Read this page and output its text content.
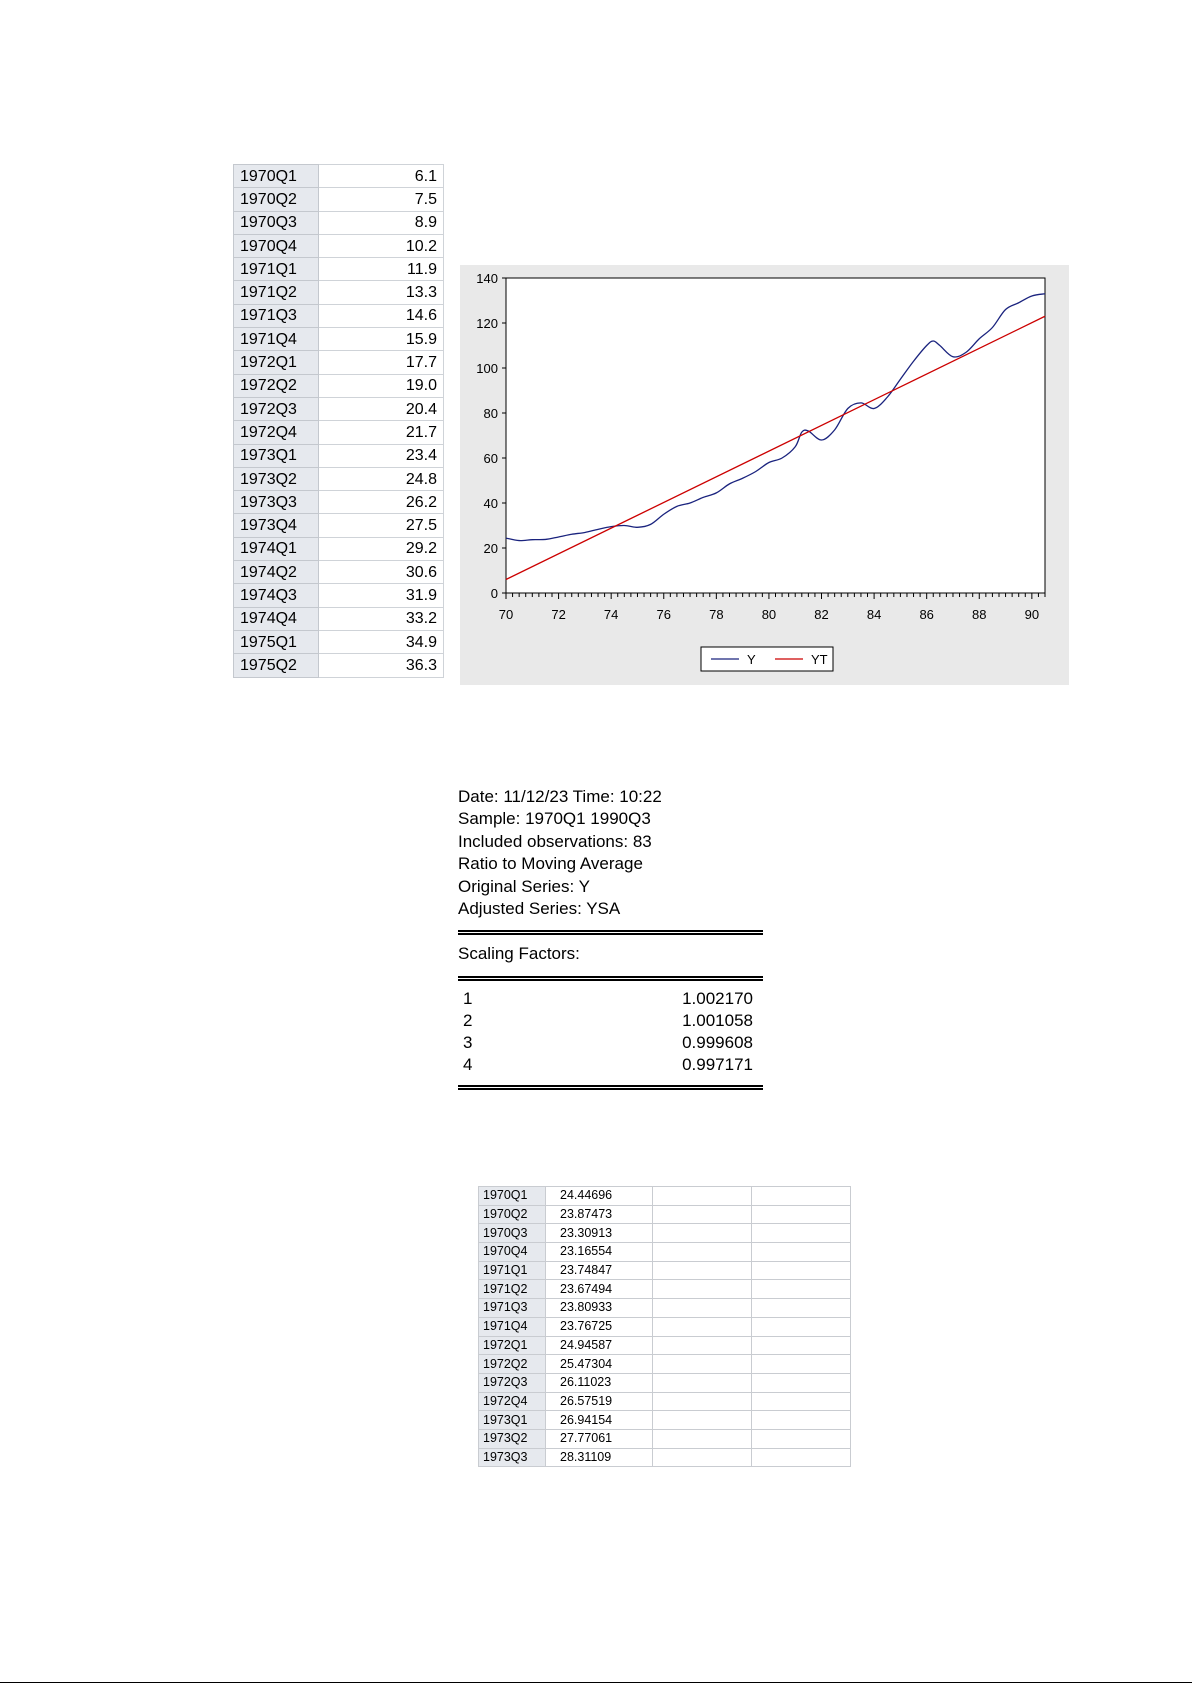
1970Q1	6.1
1970Q2	7.5
1970Q3	8.9
1970Q4	10.2
1971Q1	11.9
1971Q2	13.3
1971Q3	14.6
1971Q4	15.9
1972Q1	17.7
1972Q2	19.0
1972Q3	20.4
1972Q4	21.7
1973Q1	23.4
1973Q2	24.8
1973Q3	26.2
1973Q4	27.5
1974Q1	29.2
1974Q2	30.6
1974Q3	31.9
1974Q4	33.2
1975Q1	34.9
1975Q2	36.3
0
20
40
60
80
100
120
140
70	72	74	76	78	80	82	84	86	88	90
Y	YT
Date: 11/12/23 Time: 10:22
Sample: 1970Q1 1990Q3
Included observations: 83
Ratio to Moving Average
Original Series: Y
Adjusted Series: YSA
Scaling Factors:
1	1.002170
2	1.001058
3	0.999608
4	0.997171
1970Q1	24.44696		
1970Q2	23.87473		
1970Q3	23.30913		
1970Q4	23.16554		
1971Q1	23.74847		
1971Q2	23.67494		
1971Q3	23.80933		
1971Q4	23.76725		
1972Q1	24.94587		
1972Q2	25.47304		
1972Q3	26.11023		
1972Q4	26.57519		
1973Q1	26.94154		
1973Q2	27.77061		
1973Q3	28.31109		
